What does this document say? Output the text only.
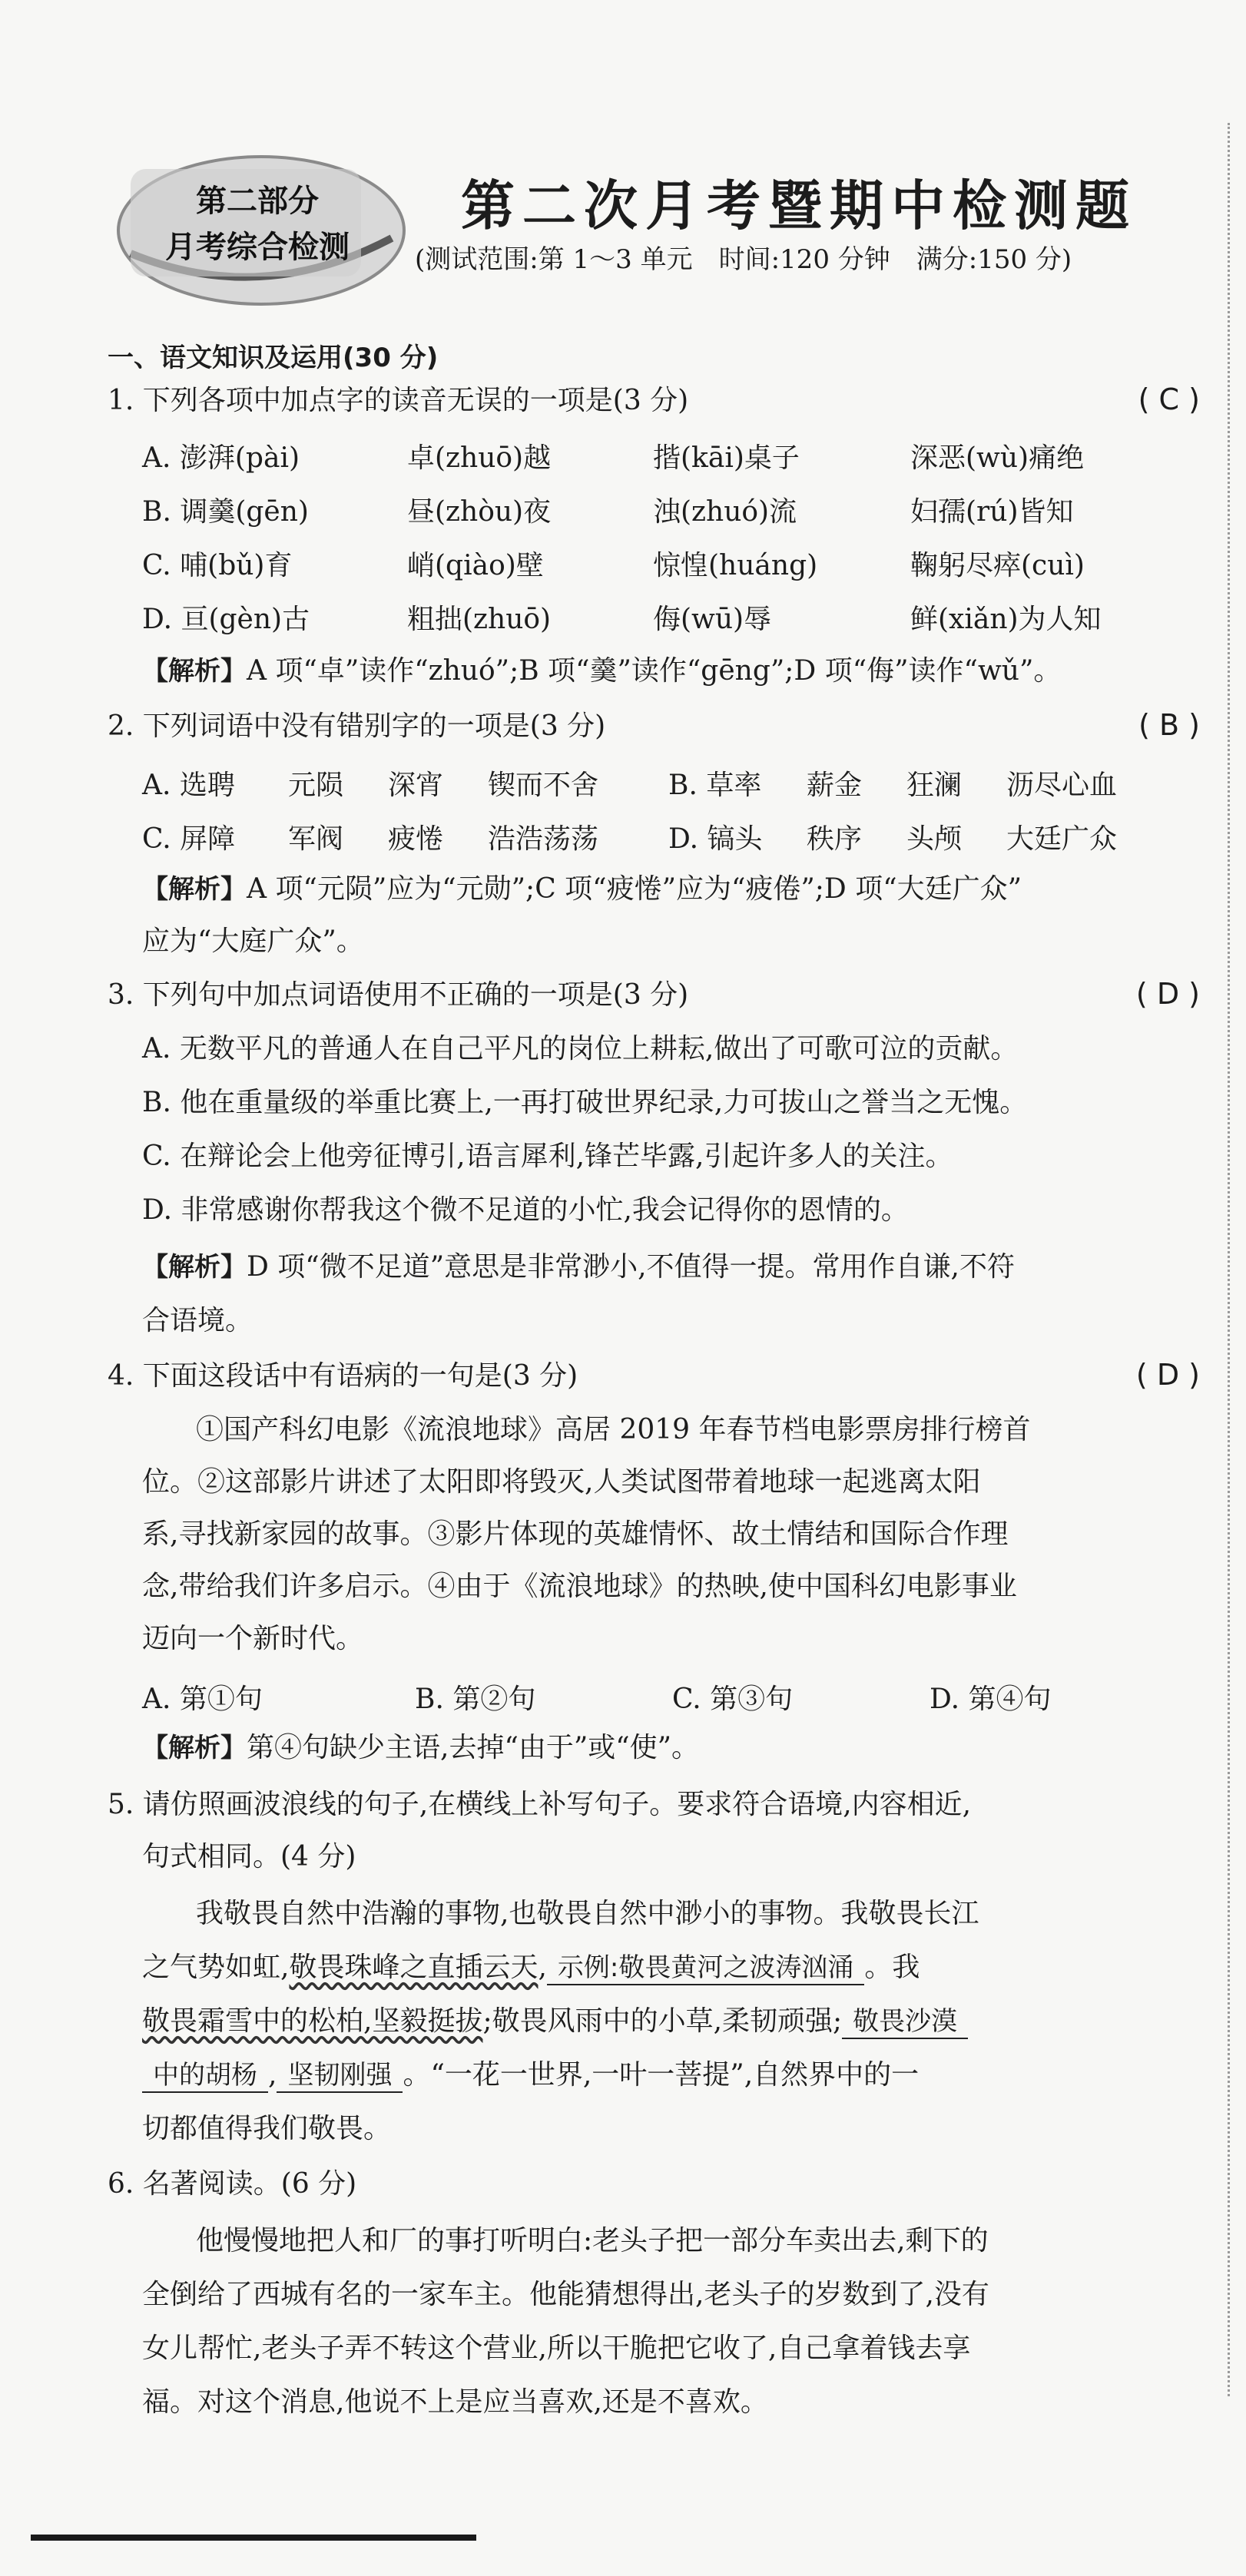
第二部分
月考综合检测
第二次月考暨期中检测题
(测试范围:第 1～3 单元　时间:120 分钟　满分:150 分)
一、语文知识及运用(30 分)
1. 下列各项中加点字的读音无误的一项是(3 分)	( C )
A. 澎湃(pài)	卓(zhuō)越	揩(kāi)桌子	深恶(wù)痛绝
B. 调羹(gēn)	昼(zhòu)夜	浊(zhuó)流	妇孺(rú)皆知
C. 哺(bǔ)育	峭(qiào)壁	惊惶(huáng)	鞠躬尽瘁(cuì)
D. 亘(gèn)古	粗拙(zhuō)	侮(wū)辱	鲜(xiǎn)为人知
【解析】A 项“卓”读作“zhuó”;B 项“羹”读作“gēng”;D 项“侮”读作“wǔ”。
2. 下列词语中没有错别字的一项是(3 分)	( B )
A. 选聘 元陨 深宵 锲而不舍	B. 草率 薪金 狂澜 沥尽心血
C. 屏障 军阀 疲惓 浩浩荡荡	D. 镐头 秩序 头颅 大廷广众
【解析】A 项“元陨”应为“元勋”;C 项“疲惓”应为“疲倦”;D 项“大廷广众”
应为“大庭广众”。
3. 下列句中加点词语使用不正确的一项是(3 分)	( D )
A. 无数平凡的普通人在自己平凡的岗位上耕耘,做出了可歌可泣的贡献。
B. 他在重量级的举重比赛上,一再打破世界纪录,力可拔山之誉当之无愧。
C. 在辩论会上他旁征博引,语言犀利,锋芒毕露,引起许多人的关注。
D. 非常感谢你帮我这个微不足道的小忙,我会记得你的恩情的。
【解析】D 项“微不足道”意思是非常渺小,不值得一提。常用作自谦,不符
合语境。
4. 下面这段话中有语病的一句是(3 分)	( D )
①国产科幻电影《流浪地球》高居 2019 年春节档电影票房排行榜首
位。②这部影片讲述了太阳即将毁灭,人类试图带着地球一起逃离太阳
系,寻找新家园的故事。③影片体现的英雄情怀、故土情结和国际合作理
念,带给我们许多启示。④由于《流浪地球》的热映,使中国科幻电影事业
迈向一个新时代。
A. 第①句	B. 第②句	C. 第③句	D. 第④句
【解析】第④句缺少主语,去掉“由于”或“使”。
5. 请仿照画波浪线的句子,在横线上补写句子。要求符合语境,内容相近,
句式相同。(4 分)
我敬畏自然中浩瀚的事物,也敬畏自然中渺小的事物。我敬畏长江
之气势如虹,敬畏珠峰之直插云天, 示例:敬畏黄河之波涛汹涌 。我
敬畏霜雪中的松柏,坚毅挺拔;敬畏风雨中的小草,柔韧顽强; 敬畏沙漠
中的胡杨 , 坚韧刚强 。“一花一世界,一叶一菩提”,自然界中的一
切都值得我们敬畏。
6. 名著阅读。(6 分)
他慢慢地把人和厂的事打听明白:老头子把一部分车卖出去,剩下的
全倒给了西城有名的一家车主。他能猜想得出,老头子的岁数到了,没有
女儿帮忙,老头子弄不转这个营业,所以干脆把它收了,自己拿着钱去享
福。对这个消息,他说不上是应当喜欢,还是不喜欢。
